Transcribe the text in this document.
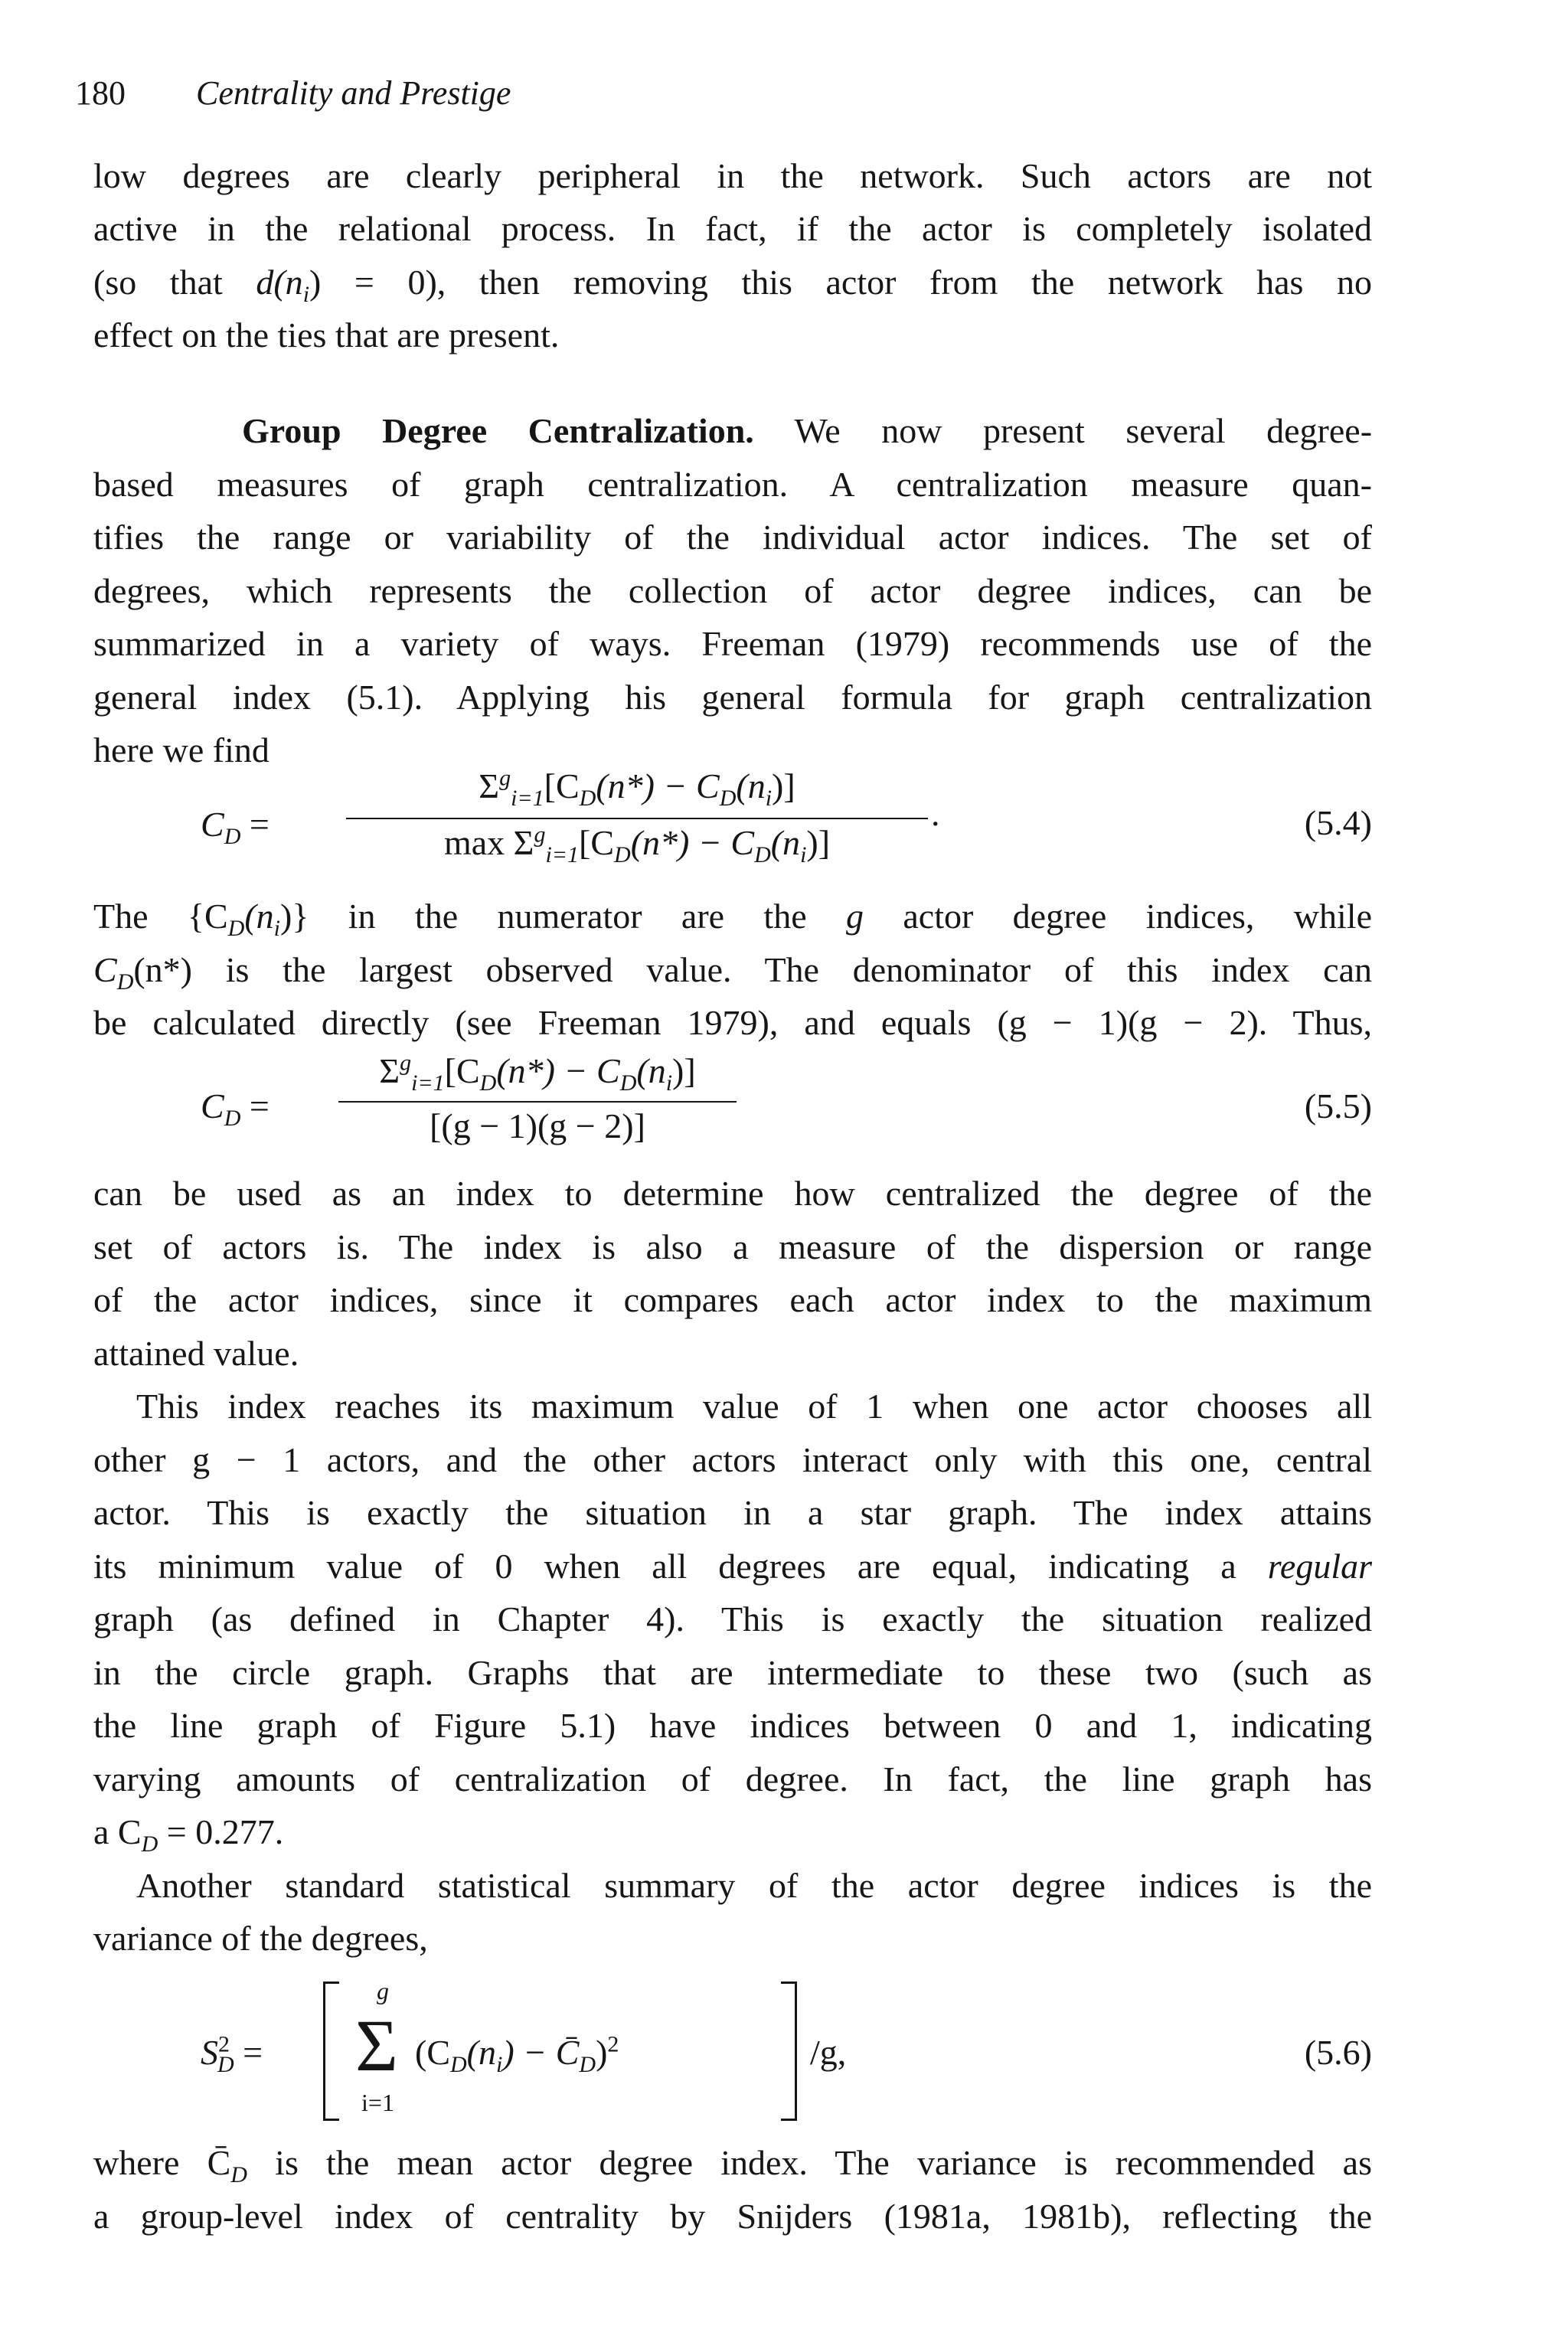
180 Centrality and Prestige
low degrees are clearly peripheral in the network. Such actors are not
active in the relational process. In fact, if the actor is completely isolated
(so that $d(n_i) = 0$), then removing this actor from the network has no
effect on the ties that are present.
Group Degree Centralization. We now present several degree-
based measures of graph centralization. A centralization measure quan-
tifies the range or variability of the individual actor indices. The set of
degrees, which represents the collection of actor degree indices, can be
summarized in a variety of ways. Freeman (1979) recommends use of the
general index (5.1). Applying his general formula for graph centralization
here we find
$C_D$ =
$\Sigma^g_{i=1}[C_D(n*) - C_D(n_i)]$
$\max \Sigma^g_{i=1}[C_D(n*) - C_D(n_i)]$
.	(5.4)
The $\{C_D(n_i)\}$ in the numerator are the g actor degree indices, while
$C_D(n*)$ is the largest observed value. The denominator of this index can
be calculated directly (see Freeman 1979), and equals (g − 1)(g − 2). Thus,
$C_D$ =
$\Sigma^g_{i=1}[C_D(n*) - C_D(n_i)]$
[(g − 1)(g − 2)]
(5.5)
can be used as an index to determine how centralized the degree of the
set of actors is. The index is also a measure of the dispersion or range
of the actor indices, since it compares each actor index to the maximum
attained value.
This index reaches its maximum value of 1 when one actor chooses all
other g − 1 actors, and the other actors interact only with this one, central
actor. This is exactly the situation in a star graph. The index attains
its minimum value of 0 when all degrees are equal, indicating a regular
graph (as defined in Chapter 4). This is exactly the situation realized
in the circle graph. Graphs that are intermediate to these two (such as
the line graph of Figure 5.1) have indices between 0 and 1, indicating
varying amounts of centralization of degree. In fact, the line graph has
a $C_D = 0.277$.
Another standard statistical summary of the actor degree indices is the
variance of the degrees,
$S^2_D$ =
g
Σ
i=1
($C_D(n_i)$ − $C̄_D)^2$	/g,	(5.6)
where $C̄_D$ is the mean actor degree index. The variance is recommended as
a group-level index of centrality by Snijders (1981a, 1981b), reflecting the
